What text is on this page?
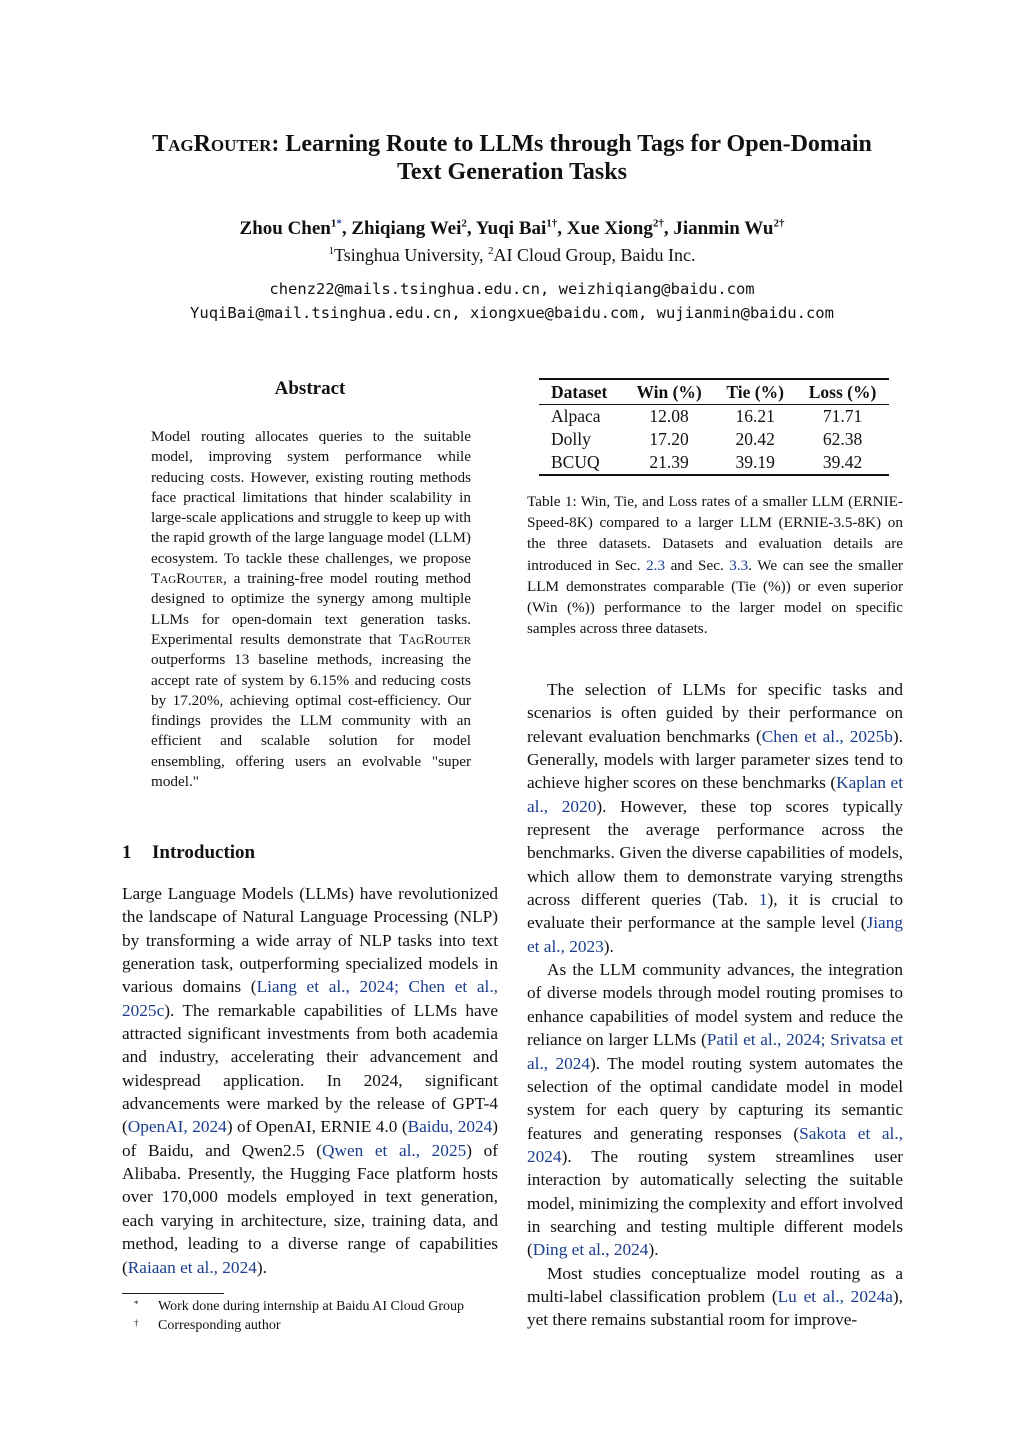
TagRouter: Learning Route to LLMs through Tags for Open-Domain
Text Generation Tasks
Zhou Chen$^{1*}$, Zhiqiang Wei$^2$, Yuqi Bai$^{1\dagger}$, Xue Xiong$^{2\dagger}$, Jianmin $Wu^{2\dagger}$
$^1$Tsinghua University, $^2$AI Cloud Group, Baidu Inc.
chenz22@mails.tsinghua.edu.cn, weizhiqiang@baidu.com
YuqiBai@mail.tsinghua.edu.cn, xiongxue@baidu.com, wujianmin@baidu.com
Abstract

Model routing allocates queries to the suitable model, improving system performance while reducing costs. However, existing routing methods face practical limitations that hinder scalability in large-scale applications and struggle to keep up with the rapid growth of the large language model (LLM) ecosystem. To tackle these challenges, we propose TagRouter, a training-free model routing method designed to optimize the synergy among multiple LLMs for open-domain text generation tasks. Experimental results demonstrate that TagRouter outperforms 13 baseline methods, increasing the accept rate of system by 6.15% and reducing costs by 17.20%, achieving optimal cost-efficiency. Our findings provides the LLM community with an efficient and scalable solution for model ensembling, offering users an evolvable "super model."

1 Introduction

Large Language Models (LLMs) have revolutionized the landscape of Natural Language Processing (NLP) by transforming a wide array of NLP tasks into text generation task, outperforming specialized models in various domains (Liang et al., 2024; Chen et al., 2025c). The remarkable capabilities of LLMs have attracted significant investments from both academia and industry, accelerating their advancement and widespread application. In 2024, significant advancements were marked by the release of GPT-4 (OpenAI, 2024) of OpenAI, ERNIE 4.0 (Baidu, 2024) of Baidu, and Qwen2.5 (Qwen et al., 2025) of Alibaba. Presently, the Hugging Face platform hosts over 170,000 models employed in text generation, each varying in architecture, size, training data, and method, leading to a diverse range of capabilities (Raiaan et al., 2024).

* Work done during internship at Baidu AI Cloud Group
† Corresponding author
Dataset	Win (%)	Tie (%)	Loss (%)
Alpaca	12.08	16.21	71.71
Dolly	17.20	20.42	62.38
BCUQ	21.39	39.19	39.42

Table 1: Win, Tie, and Loss rates of a smaller LLM (ERNIE-Speed-8K) compared to a larger LLM (ERNIE-3.5-8K) on the three datasets. Datasets and evaluation details are introduced in Sec. 2.3 and Sec. 3.3. We can see the smaller LLM demonstrates comparable (Tie (%)) or even superior (Win (%)) performance to the larger model on specific samples across three datasets.

The selection of LLMs for specific tasks and scenarios is often guided by their performance on relevant evaluation benchmarks (Chen et al., 2025b). Generally, models with larger parameter sizes tend to achieve higher scores on these benchmarks (Kaplan et al., 2020). However, these top scores typically represent the average performance across the benchmarks. Given the diverse capabilities of models, which allow them to demonstrate varying strengths across different queries (Tab. 1), it is crucial to evaluate their performance at the sample level (Jiang et al., 2023).

As the LLM community advances, the integration of diverse models through model routing promises to enhance capabilities of model system and reduce the reliance on larger LLMs (Patil et al., 2024; Srivatsa et al., 2024). The model routing system automates the selection of the optimal candidate model in model system for each query by capturing its semantic features and generating responses (Sakota et al., 2024). The routing system streamlines user interaction by automatically selecting the suitable model, minimizing the complexity and effort involved in searching and testing multiple different models (Ding et al., 2024).

Most studies conceptualize model routing as a multi-label classification problem (Lu et al., 2024a), yet there remains substantial room for improve-
